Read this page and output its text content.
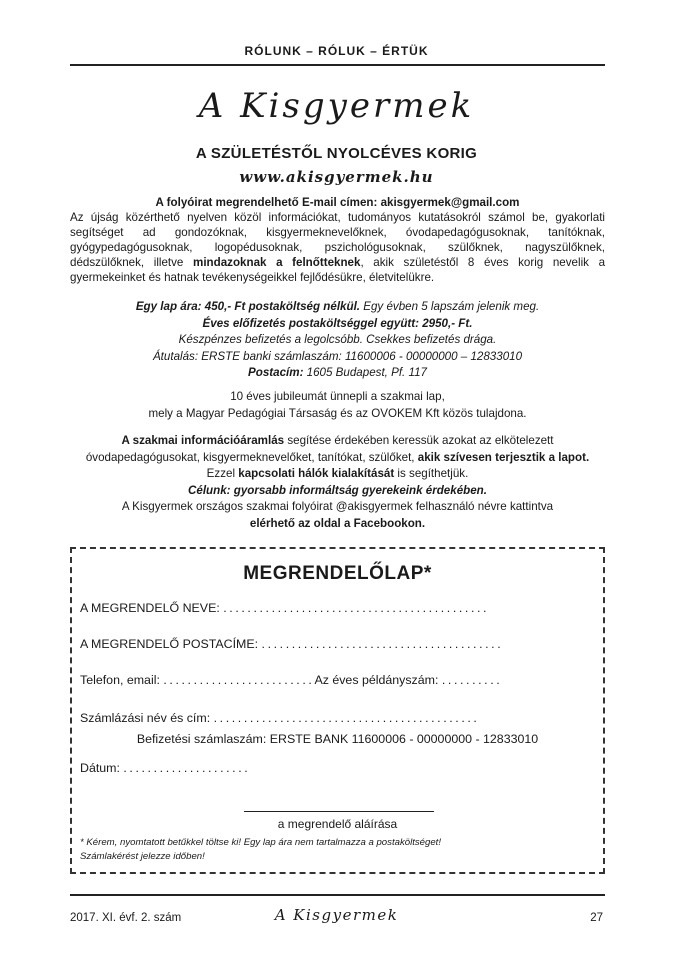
RÓLUNK – RÓLUK – ÉRTÜK
A Kisgyermek
A SZÜLETÉSTŐL NYOLCÉVES KORIG
www.akisgyermek.hu
A folyóirat megrendelhető E-mail címen: akisgyermek@gmail.com
Az újság közérthető nyelven közöl információkat, tudományos kutatásokról számol be, gyakorlati segítséget ad gondozóknak, kisgyermeknevelőknek, óvodapedagógusoknak, tanítóknak, gyógypedagógusoknak, logopédusoknak, pszichológusoknak, szülőknek, nagyszülőknek, dédszülőknek, illetve mindazoknak a felnőtteknek, akik születéstől 8 éves korig nevelik a gyermekeinket és hatnak tevékenységeikkel fejlődésükre, életvitelükre.
Egy lap ára: 450,- Ft postaköltség nélkül. Egy évben 5 lapszám jelenik meg.
Éves előfizetés postaköltséggel együtt: 2950,- Ft.
Készpénzes befizetés a legolcsóbb. Csekkes befizetés drága.
Átutalás: ERSTE banki számlaszám: 11600006 - 00000000 – 12833010
Postacím: 1605 Budapest, Pf. 117
10 éves jubileumát ünnepli a szakmai lap,
mely a Magyar Pedagógiai Társaság és az OVOKEM Kft közös tulajdona.
A szakmai információáramlás segítése érdekében keressük azokat az elkötelezett
óvodapedagógusokat, kisgyermeknevelőket, tanítókat, szülőket, akik szívesen terjesztik a lapot.
Ezzel kapcsolati hálók kialakítását is segíthetjük.
Célunk: gyorsabb informáltság gyerekeink érdekében.
A Kisgyermek országos szakmai folyóirat @akisgyermek felhasználó névre kattintva
elérhető az oldal a Facebookon.
MEGRENDELŐLAP*
A MEGRENDELŐ NEVE: ............................................
A MEGRENDELŐ POSTACÍME: ........................................
Telefon, email: .........................Az éves példányszám: ..........
Számlázási név és cím: ............................................
Befizetési számlaszám: ERSTE BANK 11600006 - 00000000 - 12833010
Dátum: .....................
a megrendelő aláírása
* Kérem, nyomtatott betűkkel töltse ki! Egy lap ára nem tartalmazza a postaköltséget!
Számlakérést jelezze időben!
2017. XI. évf. 2. szám	A Kisgyermek	27
